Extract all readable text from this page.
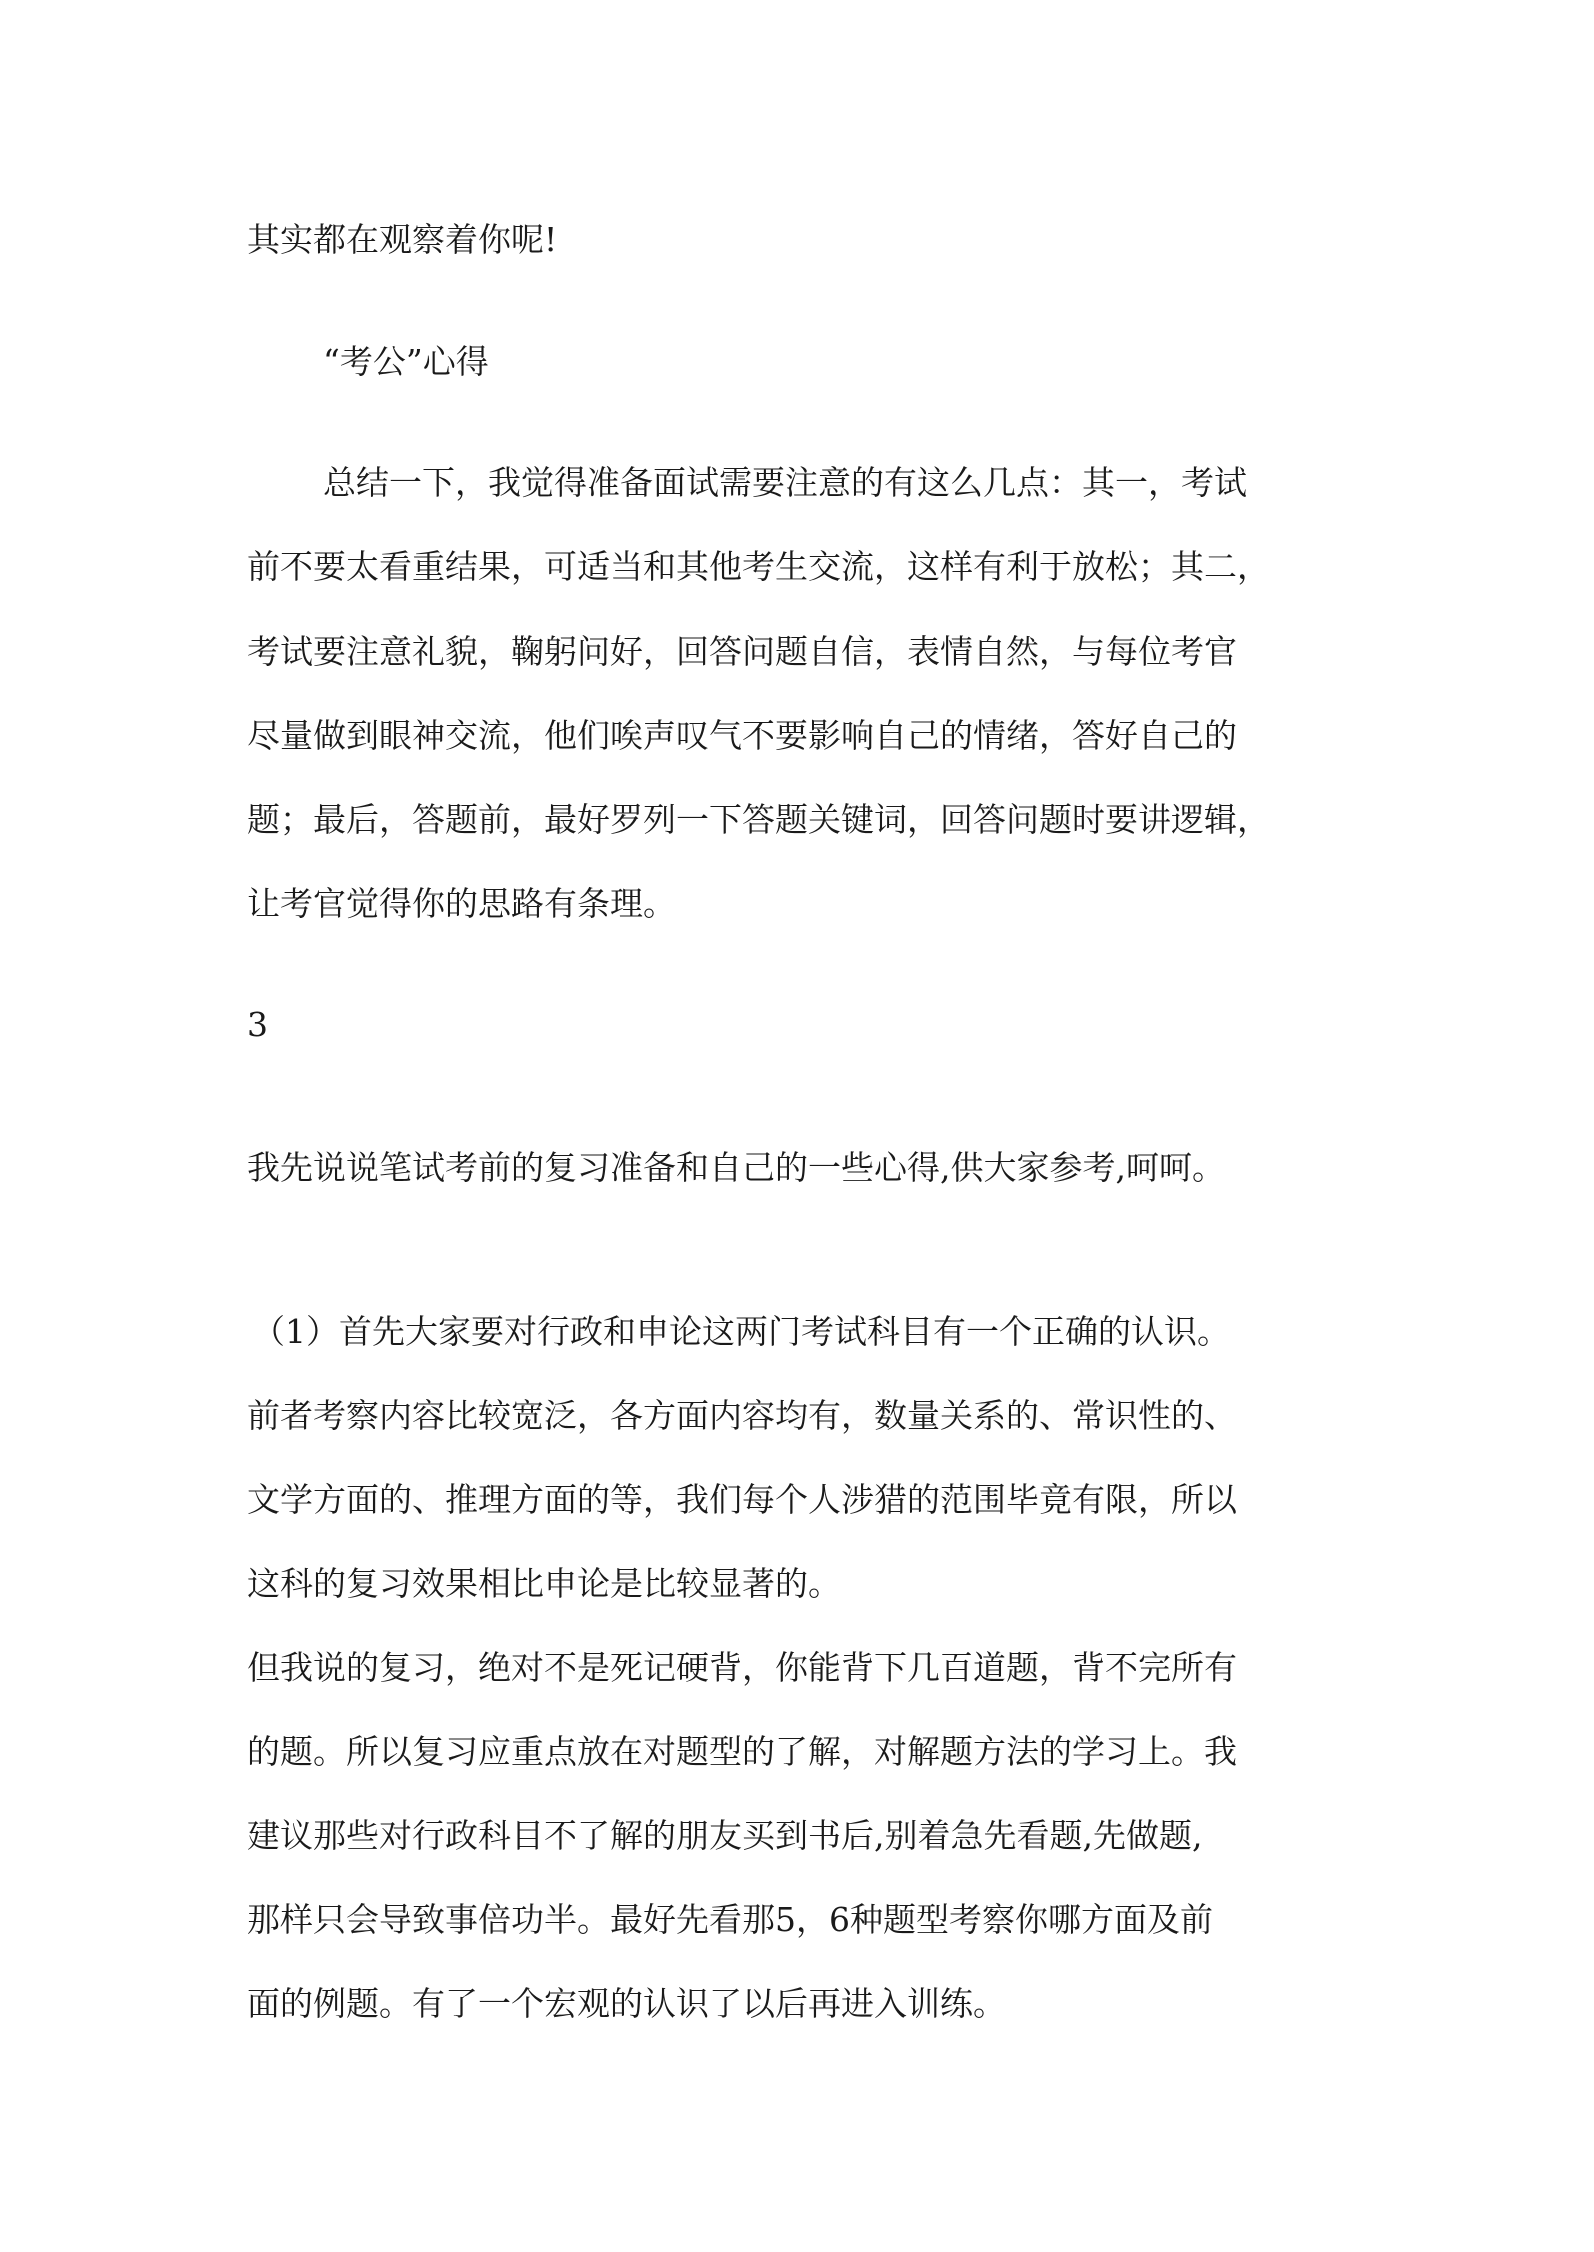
其实都在观察着你呢!
“考公”心得
总结一下，我觉得准备面试需要注意的有这么几点：其一，考试
前不要太看重结果，可适当和其他考生交流，这样有利于放松；其二，
考试要注意礼貌，鞠躬问好，回答问题自信，表情自然，与每位考官
尽量做到眼神交流，他们唉声叹气不要影响自己的情绪，答好自己的
题；最后，答题前，最好罗列一下答题关键词，回答问题时要讲逻辑，
让考官觉得你的思路有条理。
3
我先说说笔试考前的复习准备和自己的一些心得,供大家参考,呵呵。
（1）首先大家要对行政和申论这两门考试科目有一个正确的认识。
前者考察内容比较宽泛，各方面内容均有，数量关系的、常识性的、
文学方面的、推理方面的等，我们每个人涉猎的范围毕竟有限，所以
这科的复习效果相比申论是比较显著的。
但我说的复习，绝对不是死记硬背，你能背下几百道题，背不完所有
的题。所以复习应重点放在对题型的了解，对解题方法的学习上。我
建议那些对行政科目不了解的朋友买到书后,别着急先看题,先做题,
那样只会导致事倍功半。最好先看那5，6种题型考察你哪方面及前
面的例题。有了一个宏观的认识了以后再进入训练。
